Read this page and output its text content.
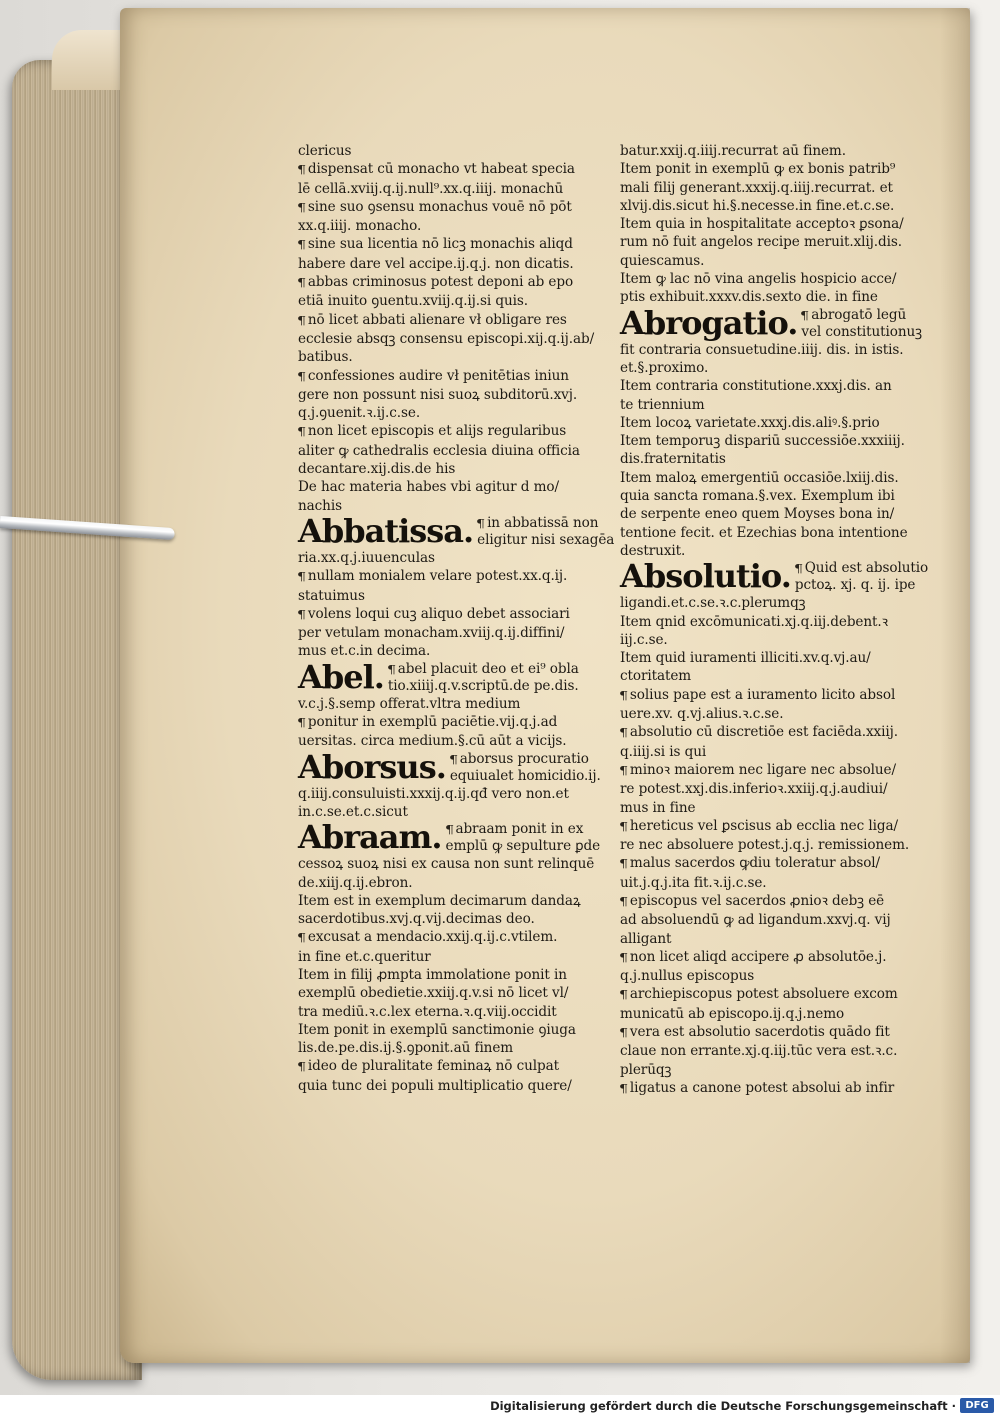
clericus
¶ dispensat cū monacho vt habeat specia
lē cellā.xviij.q.ij.null⁹.xx.q.iiij. monachū
¶ sine suo ꝯsensu monachus vouē nō pōt
xx.q.iiij. monacho.
¶ sine sua licentia nō licꝫ monachis aliqd
habere dare vel accipe.ij.q.j. non dicatis.
¶ abbas criminosus potest deponi ab epo
etiā inuito ꝯuentu.xviij.q.ij.si quis.
¶ nō licet abbati alienare vł obligare res
ecclesie absqꝫ consensu episcopi.xij.q.ij.ab/
batibus.
¶ confessiones audire vł penitētias iniun
gere non possunt nisi suoꝝ subditorū.xvj.
q.j.ꝯuenit.ꝛ.ij.c.se.
¶ non licet episcopis et alijs regularibus
aliter ꝙ cathedralis ecclesia diuina officia
decantare.xij.dis.de his
De hac materia habes vbi agitur d mo/
nachis
Abbatissa. ¶ in abbatissā non
eligitur nisi sexagēa
ria.xx.q.j.iuuenculas
¶ nullam monialem velare potest.xx.q.ij.
statuimus
¶ volens loqui cuꝫ aliquo debet associari
per vetulam monacham.xviij.q.ij.diffini/
mus et.c.in decima.
Abel. ¶ abel placuit deo et ei⁹ obla
tio.xiiij.q.v.scriptū.de pe.dis.
v.c.j.§.semp offerat.vltra medium
¶ ponitur in exemplū paciētie.vij.q.j.ad
uersitas. circa medium.§.cū aūt a vicijs.
Aborsus. ¶ aborsus procuratio
equiualet homicidio.ij.
q.iiij.consuluisti.xxxij.q.ij.qđ vero non.et
in.c.se.et.c.sicut
Abraam. ¶ abraam ponit in ex
emplū ꝙ sepulture ꝑde
cessoꝝ suoꝝ nisi ex causa non sunt relinquē
de.xiij.q.ij.ebron.
Item est in exemplum decimarum dandaꝝ
sacerdotibus.xvj.q.vij.decimas deo.
¶ excusat a mendacio.xxij.q.ij.c.vtilem.
in fine et.c.queritur
Item in filij ꝓmpta immolatione ponit in
exemplū obedietie.xxiij.q.v.si nō licet vl/
tra mediū.ꝛ.c.lex eterna.ꝛ.q.viij.occidit
Item ponit in exemplū sanctimonie ꝯiuga
lis.de.pe.dis.ij.§.ꝯponit.aū finem
¶ ideo de pluralitate feminaꝝ nō culpat
quia tunc dei populi multiplicatio quere/
batur.xxij.q.iiij.recurrat aū finem.
Item ponit in exemplū ꝙ ex bonis patrib⁹
mali filij generant.xxxij.q.iiij.recurrat. et
xlvij.dis.sicut hi.§.necesse.in fine.et.c.se.
Item quia in hospitalitate acceptoꝛ ꝑsona/
rum nō fuit angelos recipe meruit.xlij.dis.
quiescamus.
Item ꝙ lac nō vina angelis hospicio acce/
ptis exhibuit.xxxv.dis.sexto die. in fine
Abrogatio. ¶ abrogatō legū
vel constitutionuꝫ
fit contraria consuetudine.iiij. dis. in istis.
et.§.proximo.
Item contraria constitutione.xxxj.dis. an
te triennium
Item locoꝝ varietate.xxxj.dis.aliꝰ.§.prio
Item temporuꝫ dispariū successiōe.xxxiiij.
dis.fraternitatis
Item maloꝝ emergentiū occasiōe.lxiij.dis.
quia sancta romana.§.vex. Exemplum ibi
de serpente eneo quem Moyses bona in/
tentione fecit. et Ezechias bona intentione
destruxit.
Absolutio. ¶ Quid est absolutio
pctoꝝ. xj. q. ij. ipe
ligandi.et.c.se.ꝛ.c.plerumqꝫ
Item qnid excōmunicati.xj.q.iij.debent.ꝛ
iij.c.se.
Item quid iuramenti illiciti.xv.q.vj.au/
ctoritatem
¶ solius pape est a iuramento licito absol
uere.xv. q.vj.alius.ꝛ.c.se.
¶ absolutio cū discretiōe est faciēda.xxiij.
q.iiij.si is qui
¶ minoꝛ maiorem nec ligare nec absolue/
re potest.xxj.dis.inferioꝛ.xxiij.q.j.audiui/
mus in fine
¶ hereticus vel ꝑscisus ab ecclia nec liga/
re nec absoluere potest.j.q.j. remissionem.
¶ malus sacerdos ꝙdiu toleratur absol/
uit.j.q.j.ita fit.ꝛ.ij.c.se.
¶ episcopus vel sacerdos ꝓnioꝛ debꝫ eē
ad absoluendū ꝙ ad ligandum.xxvj.q. vij
alligant
¶ non licet aliqd accipere ꝓ absolutōe.j.
q.j.nullus episcopus
¶ archiepiscopus potest absoluere excom
municatū ab episcopo.ij.q.j.nemo
¶ vera est absolutio sacerdotis quādo fit
claue non errante.xj.q.iij.tūc vera est.ꝛ.c.
plerūqꝫ
¶ ligatus a canone potest absolui ab infir
Digitalisierung gefördert durch die Deutsche Forschungsgemeinschaft · DFG
